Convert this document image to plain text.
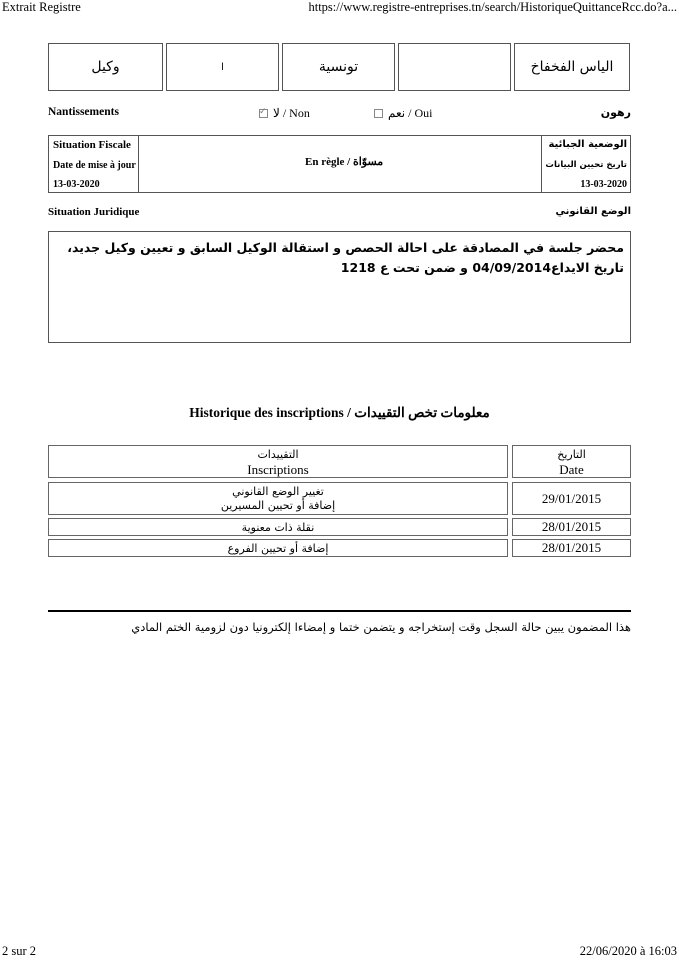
Extrait Registre	https://www.registre-entreprises.tn/search/HistoriqueQuittanceRcc.do?a...
وكيل	ا	تونسية	الياس الفخفاخ
Nantissements
✓	لا / Non	نعم / Oui	رهون
Situation Fiscale
Date de mise à jour
13-03-2020
En règle / مسوّاة
الوضعية الجبائية
تاريخ تحيين البيانات
13-03-2020
Situation Juridique	الوضع القانوني
محضر جلسة في المصادقة على احالة الحصص و استقالة الوكيل السابق و تعيين وكيل جديد، تاريخ الايداع04/09/2014 و ضمن تحت ع 1218
Historique des inscriptions / معلومات تخص التقييدات
التقييدات
Inscriptions
التاريخ
Date
تغيير الوضع القانوني
إضافة أو تحيين المسيرين	29/01/2015
نقلة ذات معنوية	28/01/2015
إضافة أو تحيين الفروع	28/01/2015
هذا المضمون يبين حالة السجل وقت إستخراجه و يتضمن ختما و إمضاءا إلكترونيا دون لزومية الختم المادي
2 sur 2	22/06/2020 à 16:03
